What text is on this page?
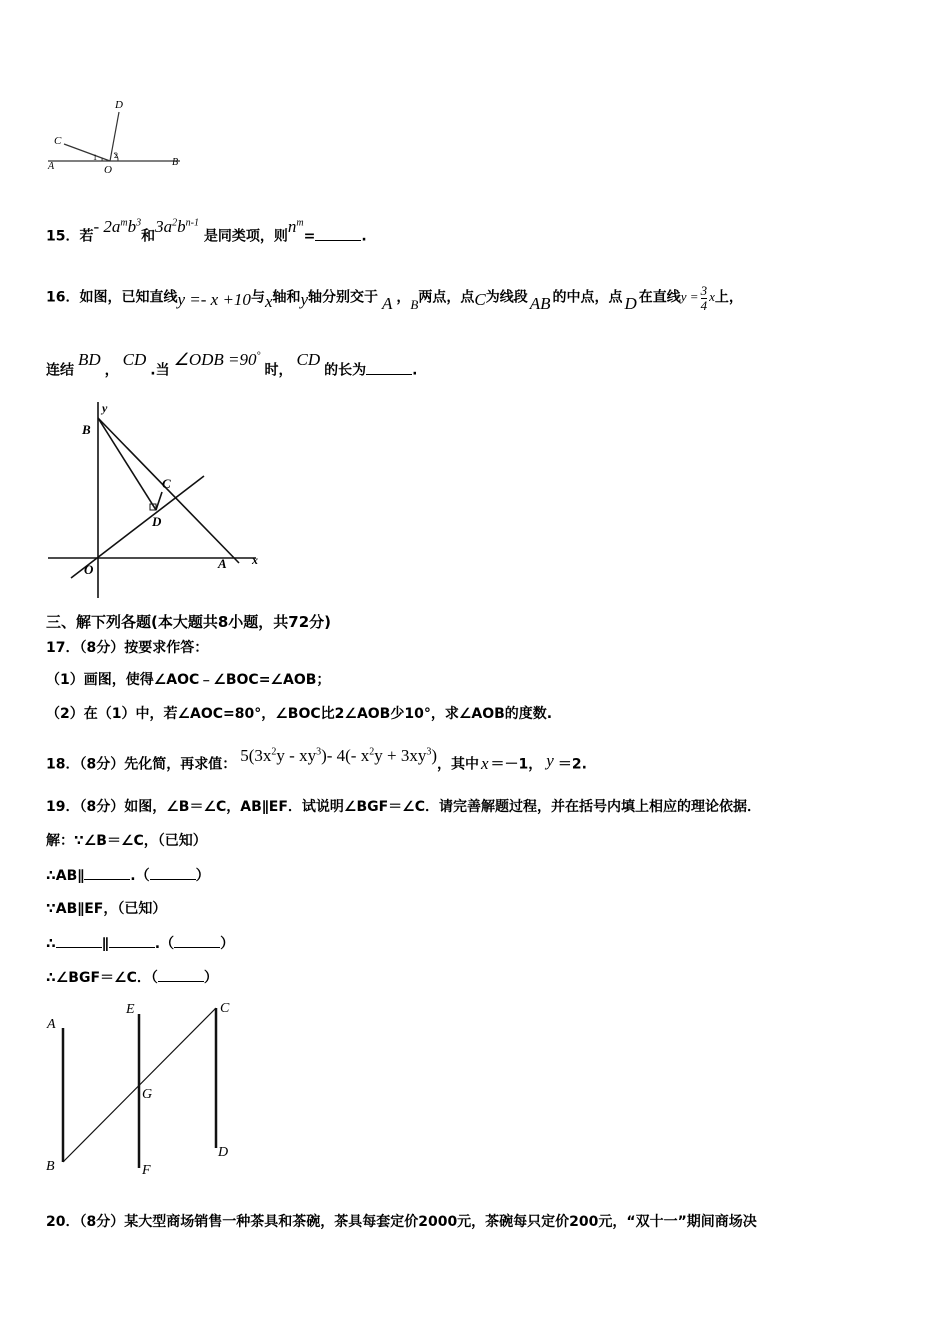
D
C
A
1 2
O
B
15．若- $2a^mb^3$和$3a^2b^{n-1}$ 是同类项，则$n^m=$	.
16．如图，已知直线y =- x +10与x轴和y轴分别交于 A ，B两点，点C为线段 AB 的中点，点 D 在直线$y = \frac{3}{4}$ x上，
连结BD，CD.当∠ODB =90°时，CD的长为	.
y
B
C
D
O	A x
三、解下列各题(本大题共8小题，共72分)
17．（8分）按要求作答：
（1）画图，使得∠AOC﹣∠BOC=∠AOB；
（2）在（1）中，若∠AOC=80°，∠BOC比2∠AOB少10°，求∠AOB的度数.
18．（8分）先化简，再求值： $5(3x^2y - xy^3)-$ 4(- $x^2y + 3xy^3$)，其中 x ＝－1， y ＝2.
19．（8分）如图，∠B＝∠C，AB∥EF．试说明∠BGF＝∠C．请完善解题过程，并在括号内填上相应的理论依据．
解：∵∠B＝∠C，（已知）
∴AB∥	.（	）
∵AB∥EF，（已知）
∴	∥	.（	）
∴∠BGF＝∠C．（	）
A
E	C
G
B	F
D
20．（8分）某大型商场销售一种茶具和茶碗，茶具每套定价2000元，茶碗每只定价200元，“双十一”期间商场决
